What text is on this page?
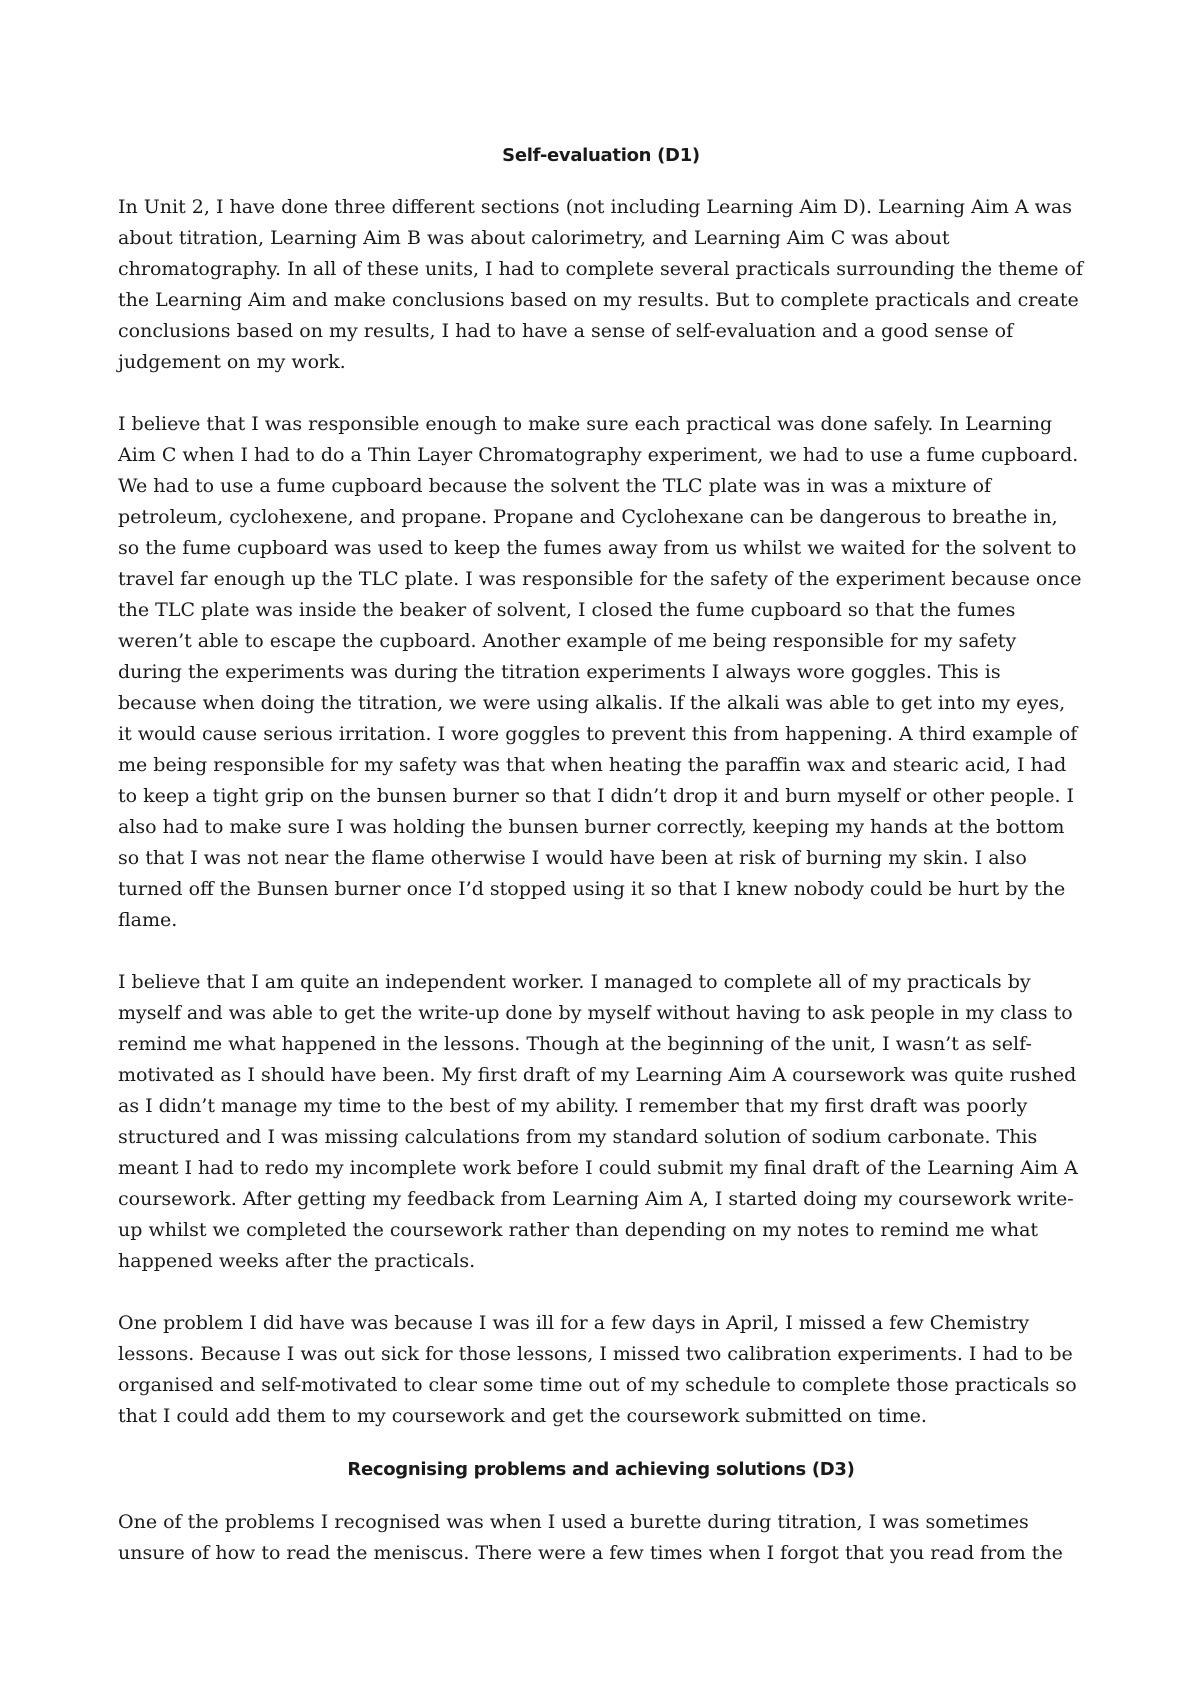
Self-evaluation (D1)

In Unit 2, I have done three different sections (not including Learning Aim D). Learning Aim A was about titration, Learning Aim B was about calorimetry, and Learning Aim C was about chromatography. In all of these units, I had to complete several practicals surrounding the theme of the Learning Aim and make conclusions based on my results. But to complete practicals and create conclusions based on my results, I had to have a sense of self-evaluation and a good sense of judgement on my work.

I believe that I was responsible enough to make sure each practical was done safely. In Learning Aim C when I had to do a Thin Layer Chromatography experiment, we had to use a fume cupboard. We had to use a fume cupboard because the solvent the TLC plate was in was a mixture of petroleum, cyclohexene, and propane. Propane and Cyclohexane can be dangerous to breathe in, so the fume cupboard was used to keep the fumes away from us whilst we waited for the solvent to travel far enough up the TLC plate. I was responsible for the safety of the experiment because once the TLC plate was inside the beaker of solvent, I closed the fume cupboard so that the fumes weren’t able to escape the cupboard. Another example of me being responsible for my safety during the experiments was during the titration experiments I always wore goggles. This is because when doing the titration, we were using alkalis. If the alkali was able to get into my eyes, it would cause serious irritation. I wore goggles to prevent this from happening. A third example of me being responsible for my safety was that when heating the paraffin wax and stearic acid, I had to keep a tight grip on the bunsen burner so that I didn’t drop it and burn myself or other people. I also had to make sure I was holding the bunsen burner correctly, keeping my hands at the bottom so that I was not near the flame otherwise I would have been at risk of burning my skin. I also turned off the Bunsen burner once I’d stopped using it so that I knew nobody could be hurt by the flame.

I believe that I am quite an independent worker. I managed to complete all of my practicals by myself and was able to get the write-up done by myself without having to ask people in my class to remind me what happened in the lessons. Though at the beginning of the unit, I wasn’t as self-motivated as I should have been. My first draft of my Learning Aim A coursework was quite rushed as I didn’t manage my time to the best of my ability. I remember that my first draft was poorly structured and I was missing calculations from my standard solution of sodium carbonate. This meant I had to redo my incomplete work before I could submit my final draft of the Learning Aim A coursework. After getting my feedback from Learning Aim A, I started doing my coursework write-up whilst we completed the coursework rather than depending on my notes to remind me what happened weeks after the practicals.

One problem I did have was because I was ill for a few days in April, I missed a few Chemistry lessons. Because I was out sick for those lessons, I missed two calibration experiments. I had to be organised and self-motivated to clear some time out of my schedule to complete those practicals so that I could add them to my coursework and get the coursework submitted on time.

Recognising problems and achieving solutions (D3)

One of the problems I recognised was when I used a burette during titration, I was sometimes unsure of how to read the meniscus. There were a few times when I forgot that you read from the
